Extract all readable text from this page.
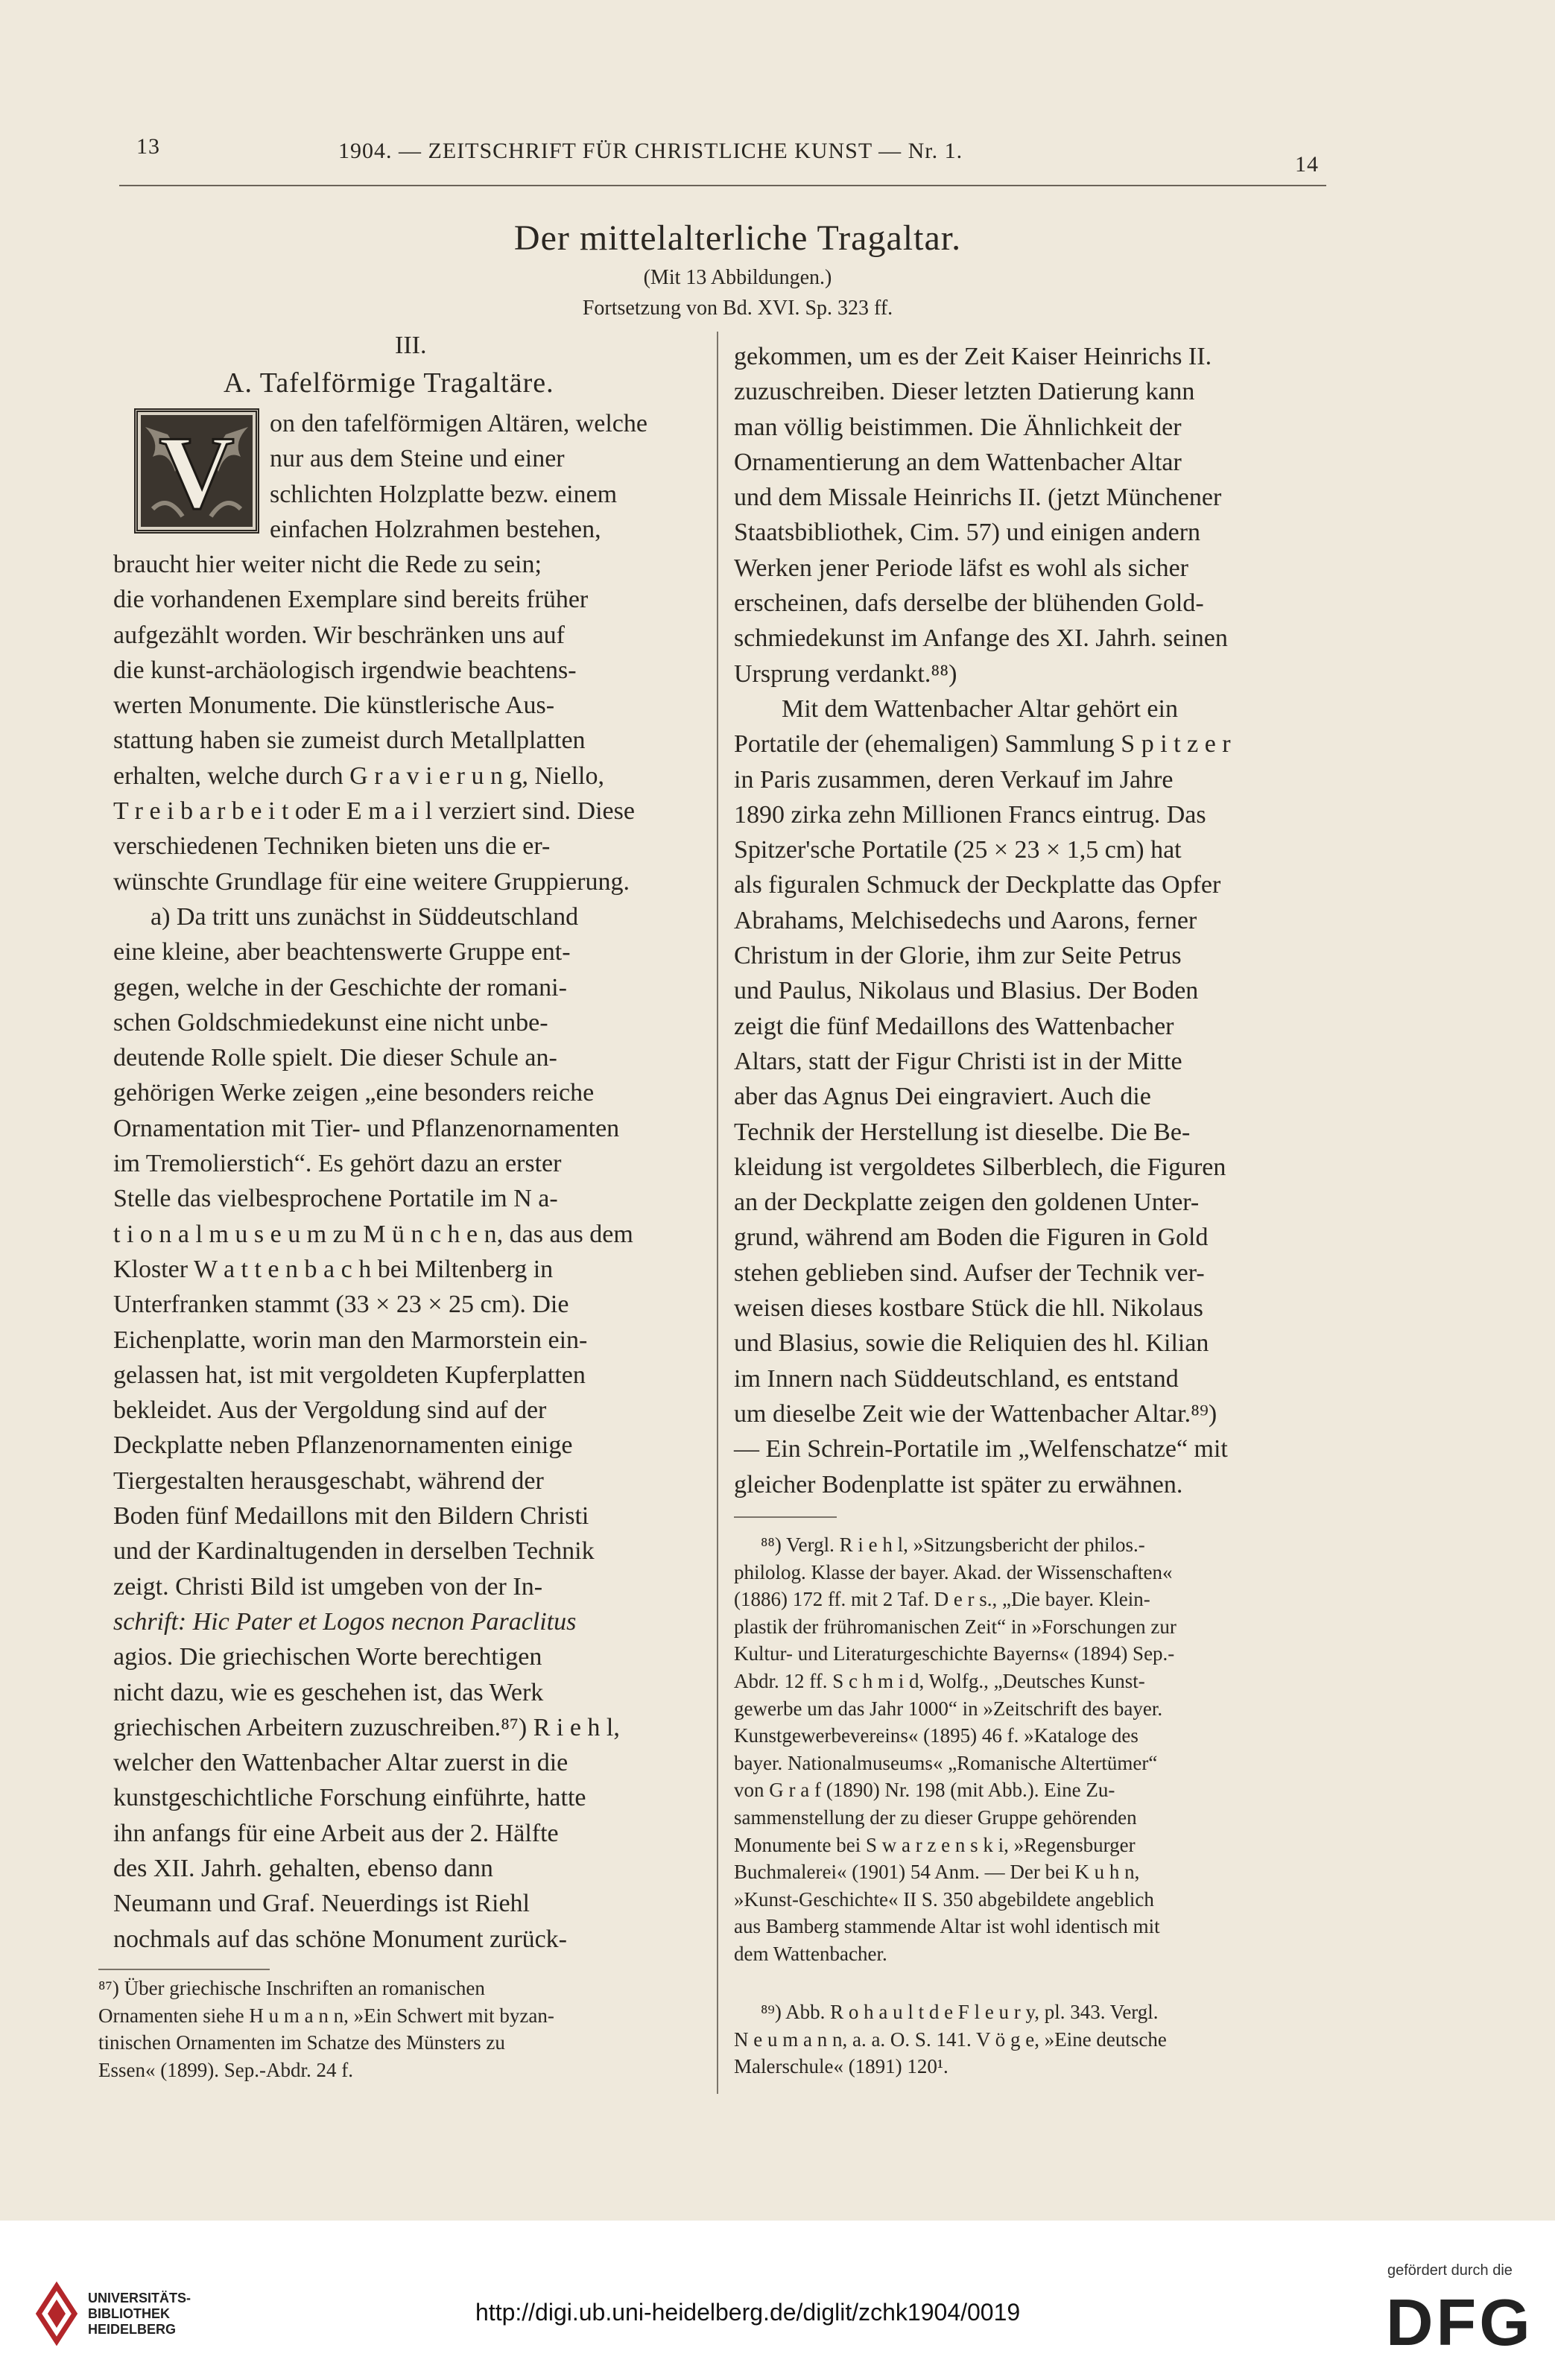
13	1904. — ZEITSCHRIFT FÜR CHRISTLICHE KUNST — Nr. 1.
14
Der mittelalterliche Tragaltar.
(Mit 13 Abbildungen.)
Fortsetzung von Bd. XVI. Sp. 323 ff.
III.
A. Tafelförmige Tragaltäre.
V on den tafelförmigen Altären, welche
nur aus dem Steine und einer
schlichten Holzplatte bezw. einem
einfachen Holzrahmen bestehen,
braucht hier weiter nicht die Rede zu sein;
die vorhandenen Exemplare sind bereits früher
aufgezählt worden. Wir beschränken uns auf
die kunst-archäologisch irgendwie beachtens-
werten Monumente. Die künstlerische Aus-
stattung haben sie zumeist durch Metallplatten
erhalten, welche durch G r a v i e r u n g, Niello,
T r e i b a r b e i t oder E m a i l verziert sind. Diese
verschiedenen Techniken bieten uns die er-
wünschte Grundlage für eine weitere Gruppierung.
a) Da tritt uns zunächst in Süddeutschland
eine kleine, aber beachtenswerte Gruppe ent-
gegen, welche in der Geschichte der romani-
schen Goldschmiedekunst eine nicht unbe-
deutende Rolle spielt. Die dieser Schule an-
gehörigen Werke zeigen „eine besonders reiche
Ornamentation mit Tier- und Pflanzenornamenten
im Tremolierstich“. Es gehört dazu an erster
Stelle das vielbesprochene Portatile im N a-
t i o n a l m u s e u m zu M ü n c h e n, das aus dem
Kloster W a t t e n b a c h bei Miltenberg in
Unterfranken stammt (33 × 23 × 25 cm). Die
Eichenplatte, worin man den Marmorstein ein-
gelassen hat, ist mit vergoldeten Kupferplatten
bekleidet. Aus der Vergoldung sind auf der
Deckplatte neben Pflanzenornamenten einige
Tiergestalten herausgeschabt, während der
Boden fünf Medaillons mit den Bildern Christi
und der Kardinaltugenden in derselben Technik
zeigt. Christi Bild ist umgeben von der In-
schrift: Hic Pater et Logos necnon Paraclitus
agios. Die griechischen Worte berechtigen
nicht dazu, wie es geschehen ist, das Werk
griechischen Arbeitern zuzuschreiben.⁸⁷) R i e h l,
welcher den Wattenbacher Altar zuerst in die
kunstgeschichtliche Forschung einführte, hatte
ihn anfangs für eine Arbeit aus der 2. Hälfte
des XII. Jahrh. gehalten, ebenso dann
Neumann und Graf. Neuerdings ist Riehl
nochmals auf das schöne Monument zurück-
⁸⁷) Über griechische Inschriften an romanischen
Ornamenten siehe H u m a n n, »Ein Schwert mit byzan-
tinischen Ornamenten im Schatze des Münsters zu
Essen« (1899). Sep.-Abdr. 24 f.
gekommen, um es der Zeit Kaiser Heinrichs II.
zuzuschreiben. Dieser letzten Datierung kann
man völlig beistimmen. Die Ähnlichkeit der
Ornamentierung an dem Wattenbacher Altar
und dem Missale Heinrichs II. (jetzt Münchener
Staatsbibliothek, Cim. 57) und einigen andern
Werken jener Periode läfst es wohl als sicher
erscheinen, dafs derselbe der blühenden Gold-
schmiedekunst im Anfange des XI. Jahrh. seinen
Ursprung verdankt.⁸⁸)
Mit dem Wattenbacher Altar gehört ein
Portatile der (ehemaligen) Sammlung S p i t z e r
in Paris zusammen, deren Verkauf im Jahre
1890 zirka zehn Millionen Francs eintrug. Das
Spitzer'sche Portatile (25 × 23 × 1,5 cm) hat
als figuralen Schmuck der Deckplatte das Opfer
Abrahams, Melchisedechs und Aarons, ferner
Christum in der Glorie, ihm zur Seite Petrus
und Paulus, Nikolaus und Blasius. Der Boden
zeigt die fünf Medaillons des Wattenbacher
Altars, statt der Figur Christi ist in der Mitte
aber das Agnus Dei eingraviert. Auch die
Technik der Herstellung ist dieselbe. Die Be-
kleidung ist vergoldetes Silberblech, die Figuren
an der Deckplatte zeigen den goldenen Unter-
grund, während am Boden die Figuren in Gold
stehen geblieben sind. Aufser der Technik ver-
weisen dieses kostbare Stück die hll. Nikolaus
und Blasius, sowie die Reliquien des hl. Kilian
im Innern nach Süddeutschland, es entstand
um dieselbe Zeit wie der Wattenbacher Altar.⁸⁹)
— Ein Schrein-Portatile im „Welfenschatze“ mit
gleicher Bodenplatte ist später zu erwähnen.
⁸⁸) Vergl. R i e h l, »Sitzungsbericht der philos.-
philolog. Klasse der bayer. Akad. der Wissenschaften«
(1886) 172 ff. mit 2 Taf. D e r s., „Die bayer. Klein-
plastik der frühromanischen Zeit“ in »Forschungen zur
Kultur- und Literaturgeschichte Bayerns« (1894) Sep.-
Abdr. 12 ff. S c h m i d, Wolfg., „Deutsches Kunst-
gewerbe um das Jahr 1000“ in »Zeitschrift des bayer.
Kunstgewerbevereins« (1895) 46 f. »Kataloge des
bayer. Nationalmuseums« „Romanische Altertümer“
von G r a f (1890) Nr. 198 (mit Abb.). Eine Zu-
sammenstellung der zu dieser Gruppe gehörenden
Monumente bei S w a r z e n s k i, »Regensburger
Buchmalerei« (1901) 54 Anm. — Der bei K u h n,
»Kunst-Geschichte« II S. 350 abgebildete angeblich
aus Bamberg stammende Altar ist wohl identisch mit
dem Wattenbacher.
⁸⁹) Abb. R o h a u l t d e F l e u r y, pl. 343. Vergl.
N e u m a n n, a. a. O. S. 141. V ö g e, »Eine deutsche
Malerschule« (1891) 120¹.
UNIVERSITÄTS-
BIBLIOTHEK
HEIDELBERG
http://digi.ub.uni-heidelberg.de/diglit/zchk1904/0019
gefördert durch die
DFG
